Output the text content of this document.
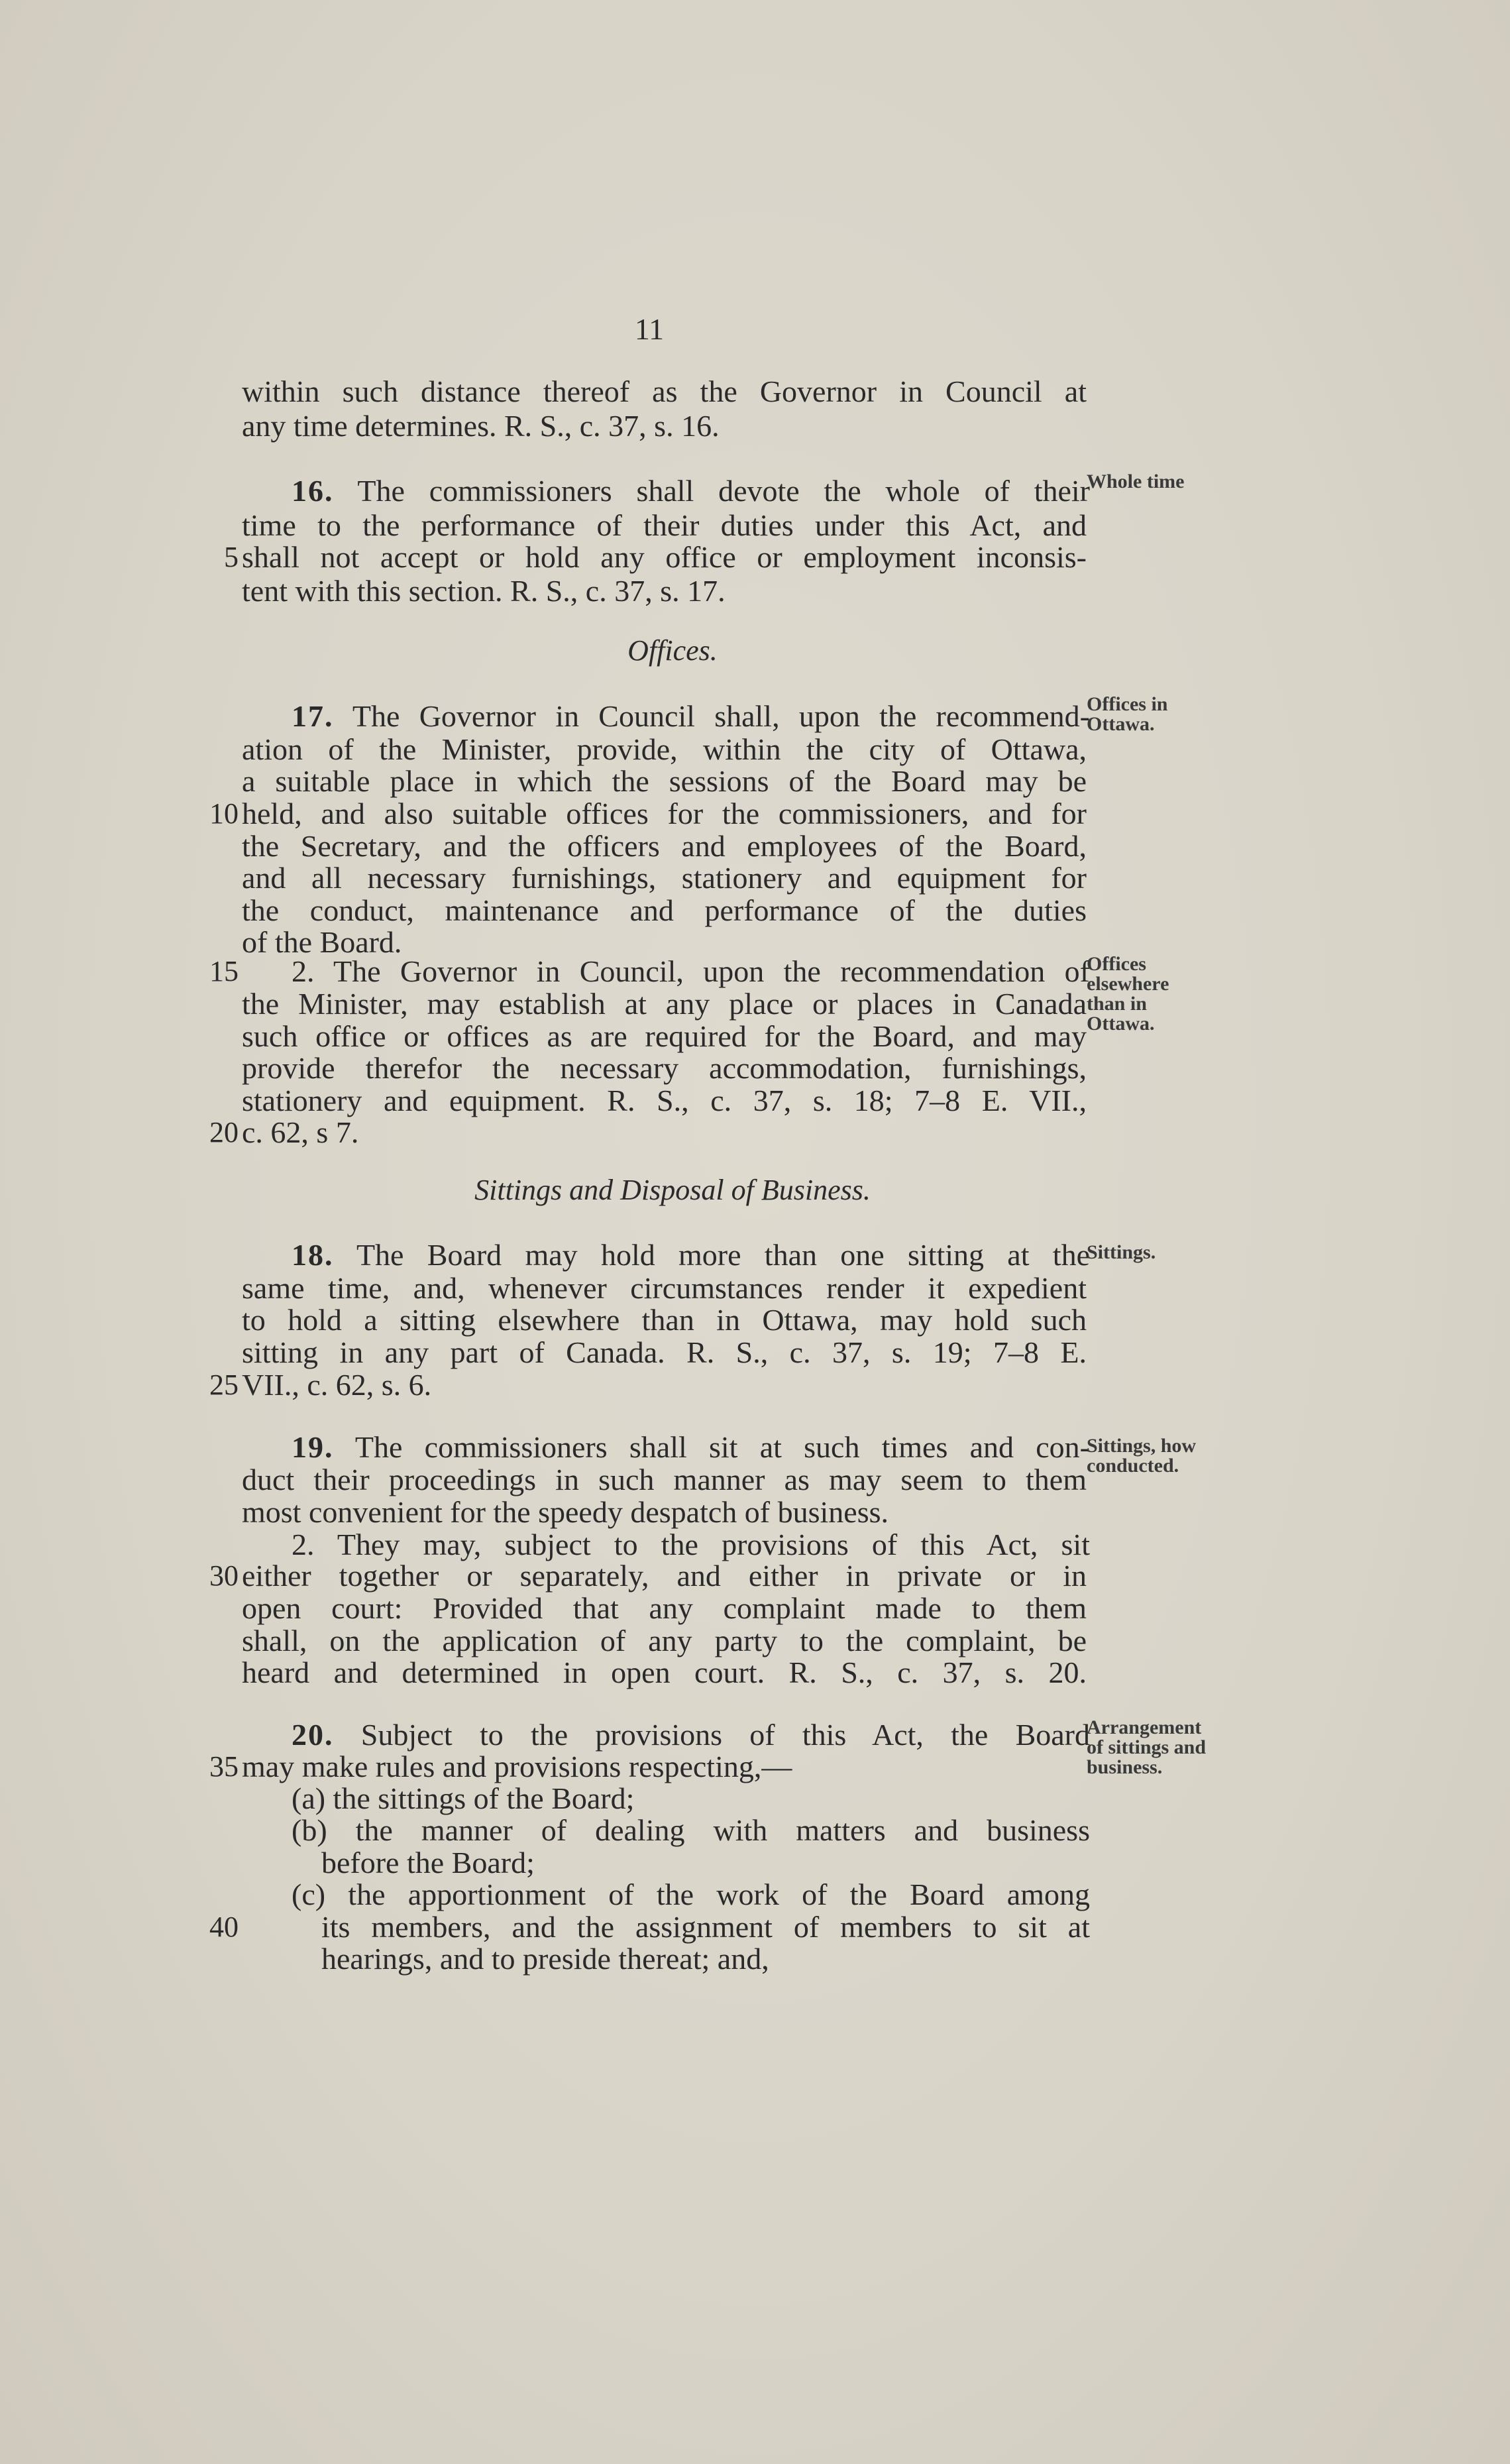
11
within such distance thereof as the Governor in Council at
any time determines. R. S., c. 37, s. 16.
16. The commissioners shall devote the whole of their
Whole time
time to the performance of their duties under this Act, and
5 shall not accept or hold any office or employment inconsis-
tent with this section. R. S., c. 37, s. 17.
Offices.
17. The Governor in Council shall, upon the recommend-
Offices in
Ottawa.
ation of the Minister, provide, within the city of Ottawa,
a suitable place in which the sessions of the Board may be
10 held, and also suitable offices for the commissioners, and for
the Secretary, and the officers and employees of the Board,
and all necessary furnishings, stationery and equipment for
the conduct, maintenance and performance of the duties
of the Board.
15 2. The Governor in Council, upon the recommendation of
Offices
elsewhere
than in
Ottawa.
the Minister, may establish at any place or places in Canada
such office or offices as are required for the Board, and may
provide therefor the necessary accommodation, furnishings,
stationery and equipment. R. S., c. 37, s. 18; 7–8 E. VII.,
20 c. 62, s 7.
Sittings and Disposal of Business.
18. The Board may hold more than one sitting at the
Sittings.
same time, and, whenever circumstances render it expedient
to hold a sitting elsewhere than in Ottawa, may hold such
sitting in any part of Canada. R. S., c. 37, s. 19; 7–8 E.
25 VII., c. 62, s. 6.
19. The commissioners shall sit at such times and con-
Sittings, how
conducted.
duct their proceedings in such manner as may seem to them
most convenient for the speedy despatch of business.
2. They may, subject to the provisions of this Act, sit
30 either together or separately, and either in private or in
open court: Provided that any complaint made to them
shall, on the application of any party to the complaint, be
heard and determined in open court. R. S., c. 37, s. 20.
20. Subject to the provisions of this Act, the Board
Arrangement
of sittings and
business.
35 may make rules and provisions respecting,—
(a) the sittings of the Board;
(b) the manner of dealing with matters and business
before the Board;
(c) the apportionment of the work of the Board among
40	its members, and the assignment of members to sit at
hearings, and to preside thereat; and,
